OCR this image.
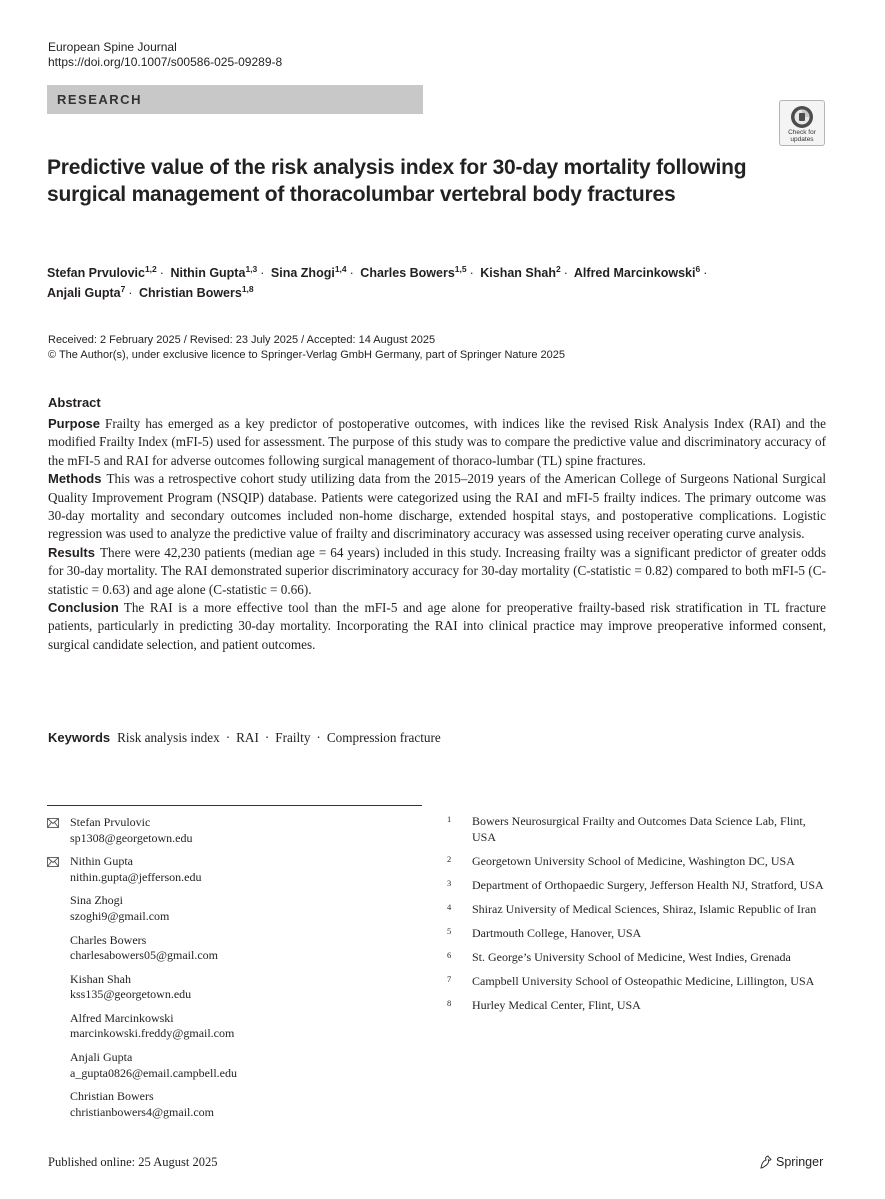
European Spine Journal
https://doi.org/10.1007/s00586-025-09289-8
RESEARCH
Check for
updates
Predictive value of the risk analysis index for 30-day mortality following surgical management of thoracolumbar vertebral body fractures
Stefan Prvulovic$^{1,2}$ · Nithin Gupta$^{1,3}$ · Sina Zhogi$^{1,4}$ · Charles Bowers$^{1,5}$ · Kishan Shah$^2$ · Alfred Marcinkowski$^6$ ·
Anjali Gupta$^7$ · Christian Bowers$^{1,8}$
Received: 2 February 2025 / Revised: 23 July 2025 / Accepted: 14 August 2025
© The Author(s), under exclusive licence to Springer-Verlag GmbH Germany, part of Springer Nature 2025
Abstract

Purpose Frailty has emerged as a key predictor of postoperative outcomes, with indices like the revised Risk Analysis Index (RAI) and the modified Frailty Index (mFI-5) used for assessment. The purpose of this study was to compare the predictive value and discriminatory accuracy of the mFI-5 and RAI for adverse outcomes following surgical management of thoraco-lumbar (TL) spine fractures.

Methods This was a retrospective cohort study utilizing data from the 2015–2019 years of the American College of Surgeons National Surgical Quality Improvement Program (NSQIP) database. Patients were categorized using the RAI and mFI-5 frailty indices. The primary outcome was 30-day mortality and secondary outcomes included non-home discharge, extended hospital stays, and postoperative complications. Logistic regression was used to analyze the predictive value of frailty and discriminatory accuracy was assessed using receiver operating curve analysis.

Results There were 42,230 patients (median age = 64 years) included in this study. Increasing frailty was a significant predictor of greater odds for 30-day mortality. The RAI demonstrated superior discriminatory accuracy for 30-day mortality (C-statistic = 0.82) compared to both mFI-5 (C-statistic = 0.63) and age alone (C-statistic = 0.66).

Conclusion The RAI is a more effective tool than the mFI-5 and age alone for preoperative frailty-based risk stratification in TL fracture patients, particularly in predicting 30-day mortality. Incorporating the RAI into clinical practice may improve preoperative informed consent, surgical candidate selection, and patient outcomes.

Keywords Risk analysis index · RAI · Frailty · Compression fracture
Stefan Prvulovic
sp1308@georgetown.edu
Nithin Gupta
nithin.gupta@jefferson.edu
Sina Zhogi
szoghi9@gmail.com
Charles Bowers
charlesabowers05@gmail.com
Kishan Shah
kss135@georgetown.edu
Alfred Marcinkowski
marcinkowski.freddy@gmail.com
Anjali Gupta
a_gupta0826@email.campbell.edu
Christian Bowers
christianbowers4@gmail.com
1 Bowers Neurosurgical Frailty and Outcomes Data Science Lab, Flint, USA
2 Georgetown University School of Medicine, Washington DC, USA
3 Department of Orthopaedic Surgery, Jefferson Health NJ, Stratford, USA
4 Shiraz University of Medical Sciences, Shiraz, Islamic Republic of Iran
5 Dartmouth College, Hanover, USA
6 St. George’s University School of Medicine, West Indies, Grenada
7 Campbell University School of Osteopathic Medicine, Lillington, USA
8 Hurley Medical Center, Flint, USA
Published online: 25 August 2025	Springer
